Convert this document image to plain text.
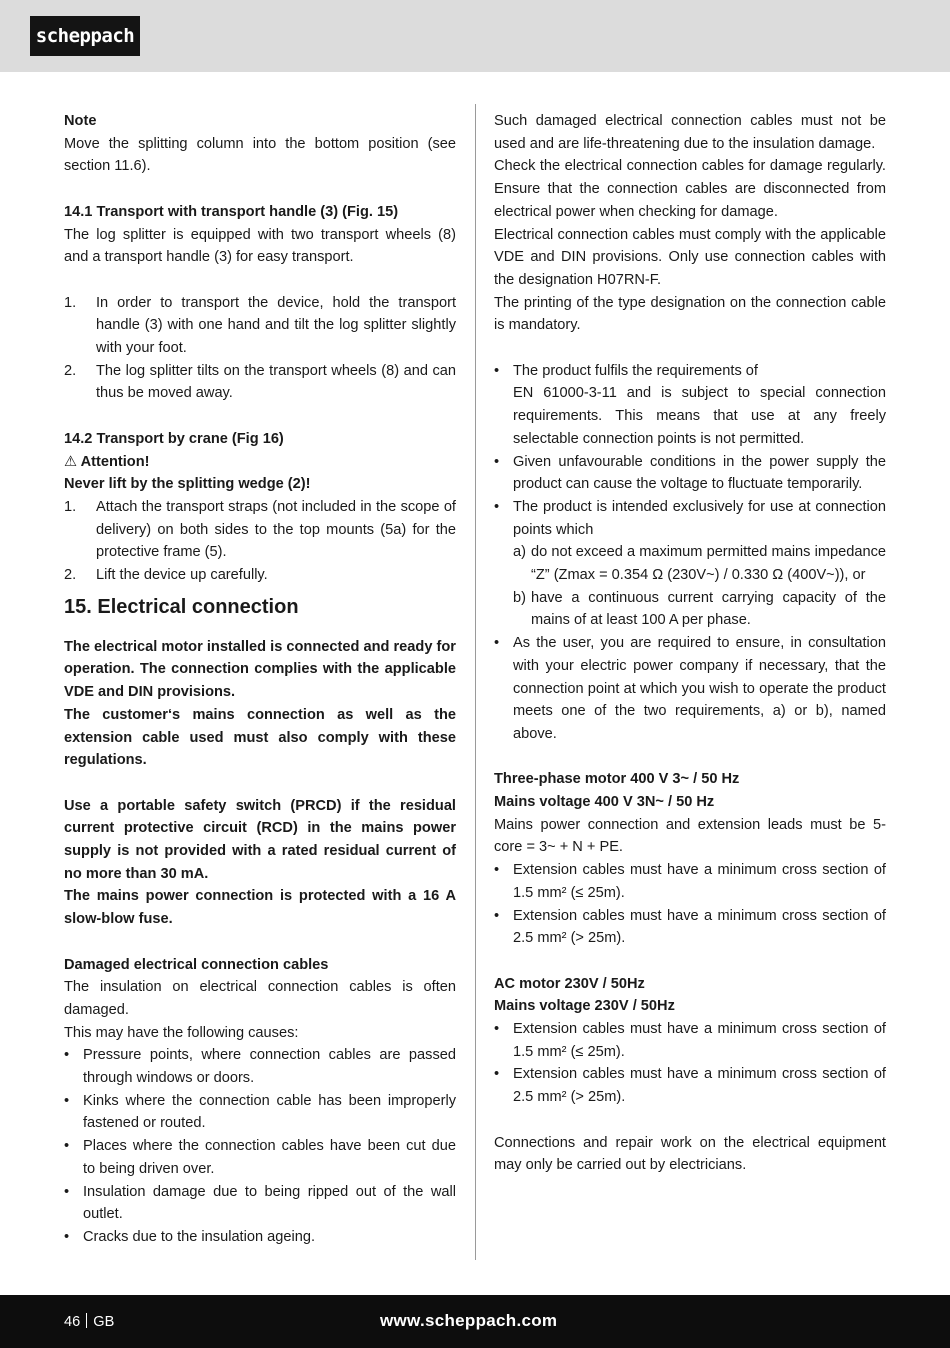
scheppach

Note

Move the splitting column into the bottom position (see section 11.6).

14.1 Transport with transport handle (3) (Fig. 15)

The log splitter is equipped with two transport wheels (8) and a transport handle (3) for easy transport.

1. In order to transport the device, hold the transport handle (3) with one hand and tilt the log splitter slightly with your foot.
2. The log splitter tilts on the transport wheels (8) and can thus be moved away.

14.2 Transport by crane (Fig 16)

⚠ Attention!

Never lift by the splitting wedge (2)!

1. Attach the transport straps (not included in the scope of delivery) on both sides to the top mounts (5a) for the protective frame (5).
2. Lift the device up carefully.
15. Electrical connection

The electrical motor installed is connected and ready for operation. The connection complies with the applicable VDE and DIN provisions.

The customer‘s mains connection as well as the extension cable used must also comply with these regulations.

Use a portable safety switch (PRCD) if the residual current protective circuit (RCD) in the mains power supply is not provided with a rated residual current of no more than 30 mA.

The mains power connection is protected with a 16 A slow-blow fuse.

Damaged electrical connection cables

The insulation on electrical connection cables is often damaged.

This may have the following causes:

• Pressure points, where connection cables are passed through windows or doors.
• Kinks where the connection cable has been improperly fastened or routed.
• Places where the connection cables have been cut due to being driven over.
• Insulation damage due to being ripped out of the wall outlet.
• Cracks due to the insulation ageing.

Such damaged electrical connection cables must not be used and are life-threatening due to the insulation damage.

Check the electrical connection cables for damage regularly. Ensure that the connection cables are disconnected from electrical power when checking for damage.

Electrical connection cables must comply with the applicable VDE and DIN provisions. Only use connection cables with the designation H07RN-F.

The printing of the type designation on the connection cable is mandatory.

• The product fulfils the requirements of
EN 61000-3-11 and is subject to special connection requirements. This means that use at any freely selectable connection points is not permitted.
• Given unfavourable conditions in the power supply the product can cause the voltage to fluctuate temporarily.
• The product is intended exclusively for use at connection points which
a) do not exceed a maximum permitted mains impedance “Z” (Zmax = 0.354 Ω (230V~) / 0.330 Ω (400V~)), or
b) have a continuous current carrying capacity of the mains of at least 100 A per phase.
• As the user, you are required to ensure, in consultation with your electric power company if necessary, that the connection point at which you wish to operate the product meets one of the two requirements, a) or b), named above.

Three-phase motor 400 V 3~ / 50 Hz

Mains voltage 400 V 3N~ / 50 Hz

Mains power connection and extension leads must be 5-core = 3~ + N + PE.

• Extension cables must have a minimum cross section of 1.5 mm² (≤ 25m).
• Extension cables must have a minimum cross section of 2.5 mm² (> 25m).

AC motor 230V / 50Hz

Mains voltage 230V / 50Hz

• Extension cables must have a minimum cross section of 1.5 mm² (≤ 25m).
• Extension cables must have a minimum cross section of 2.5 mm² (> 25m).

Connections and repair work on the electrical equipment may only be carried out by electricians.

46 GB	www.scheppach.com
